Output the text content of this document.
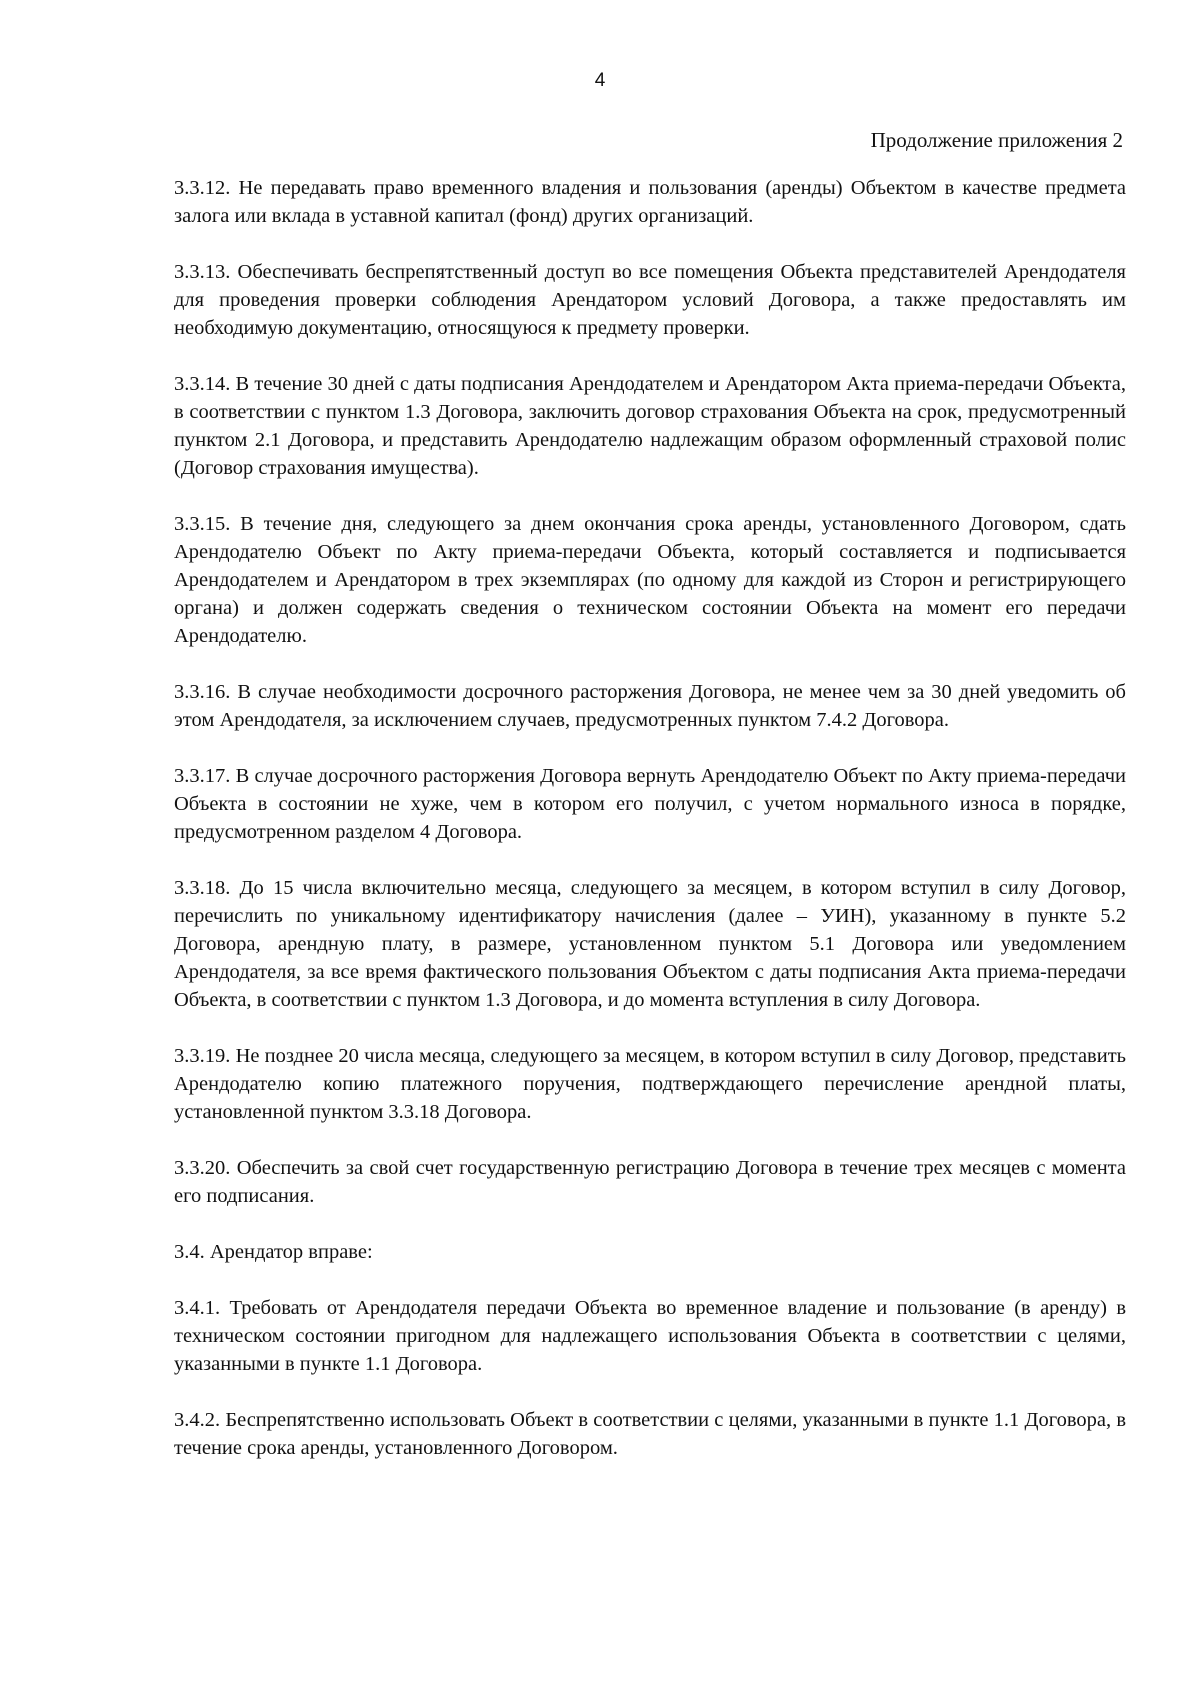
4
Продолжение приложения 2

3.3.12. Не передавать право временного владения и пользования (аренды) Объектом в качестве предмета залога или вклада в уставной капитал (фонд) других организаций.

3.3.13. Обеспечивать беспрепятственный доступ во все помещения Объекта представителей Арендодателя для проведения проверки соблюдения Арендатором условий Договора, а также предоставлять им необходимую документацию, относящуюся к предмету проверки.

3.3.14. В течение 30 дней с даты подписания Арендодателем и Арендатором Акта приема-передачи Объекта, в соответствии с пунктом 1.3 Договора, заключить договор страхования Объекта на срок, предусмотренный пунктом 2.1 Договора, и представить Арендодателю надлежащим образом оформленный страховой полис (Договор страхования имущества).

3.3.15. В течение дня, следующего за днем окончания срока аренды, установленного Договором, сдать Арендодателю Объект по Акту приема-передачи Объекта, который составляется и подписывается Арендодателем и Арендатором в трех экземплярах (по одному для каждой из Сторон и регистрирующего органа) и должен содержать сведения о техническом состоянии Объекта на момент его передачи Арендодателю.

3.3.16. В случае необходимости досрочного расторжения Договора, не менее чем за 30 дней уведомить об этом Арендодателя, за исключением случаев, предусмотренных пунктом 7.4.2 Договора.

3.3.17. В случае досрочного расторжения Договора вернуть Арендодателю Объект по Акту приема-передачи Объекта в состоянии не хуже, чем в котором его получил, с учетом нормального износа в порядке, предусмотренном разделом 4 Договора.

3.3.18. До 15 числа включительно месяца, следующего за месяцем, в котором вступил в силу Договор, перечислить по уникальному идентификатору начисления (далее – УИН), указанному в пункте 5.2 Договора, арендную плату, в размере, установленном пунктом 5.1 Договора или уведомлением Арендодателя, за все время фактического пользования Объектом с даты подписания Акта приема-передачи Объекта, в соответствии с пунктом 1.3 Договора, и до момента вступления в силу Договора.

3.3.19. Не позднее 20 числа месяца, следующего за месяцем, в котором вступил в силу Договор, представить Арендодателю копию платежного поручения, подтверждающего перечисление арендной платы, установленной пунктом 3.3.18 Договора.

3.3.20. Обеспечить за свой счет государственную регистрацию Договора в течение трех месяцев с момента его подписания.

3.4. Арендатор вправе:

3.4.1. Требовать от Арендодателя передачи Объекта во временное владение и пользование (в аренду) в техническом состоянии пригодном для надлежащего использования Объекта в соответствии с целями, указанными в пункте 1.1 Договора.

3.4.2. Беспрепятственно использовать Объект в соответствии с целями, указанными в пункте 1.1 Договора, в течение срока аренды, установленного Договором.
